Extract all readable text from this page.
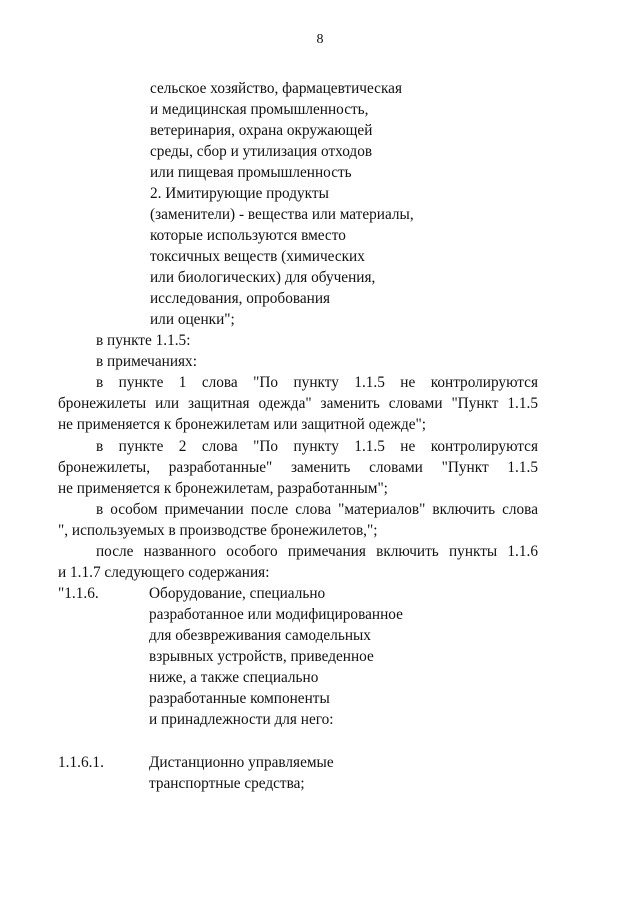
8
сельское хозяйство, фармацевтическая
и медицинская промышленность,
ветеринария, охрана окружающей
среды, сбор и утилизация отходов
или пищевая промышленность
2. Имитирующие продукты
(заменители) - вещества или материалы,
которые используются вместо
токсичных веществ (химических
или биологических) для обучения,
исследования, опробования
или оценки";
в пункте 1.1.5:
в примечаниях:
в пункте 1 слова "По пункту 1.1.5 не контролируются
бронежилеты или защитная одежда" заменить словами "Пункт 1.1.5
не применяется к бронежилетам или защитной одежде";
в пункте 2 слова "По пункту 1.1.5 не контролируются
бронежилеты, разработанные" заменить словами "Пункт 1.1.5
не применяется к бронежилетам, разработанным";
в особом примечании после слова "материалов" включить слова
", используемых в производстве бронежилетов,";
после названного особого примечания включить пункты 1.1.6
и 1.1.7 следующего содержания:
"1.1.6.	Оборудование, специально
разработанное или модифицированное
для обезвреживания самодельных
взрывных устройств, приведенное
ниже, а также специально
разработанные компоненты
и принадлежности для него:
1.1.6.1.	Дистанционно управляемые
транспортные средства;
